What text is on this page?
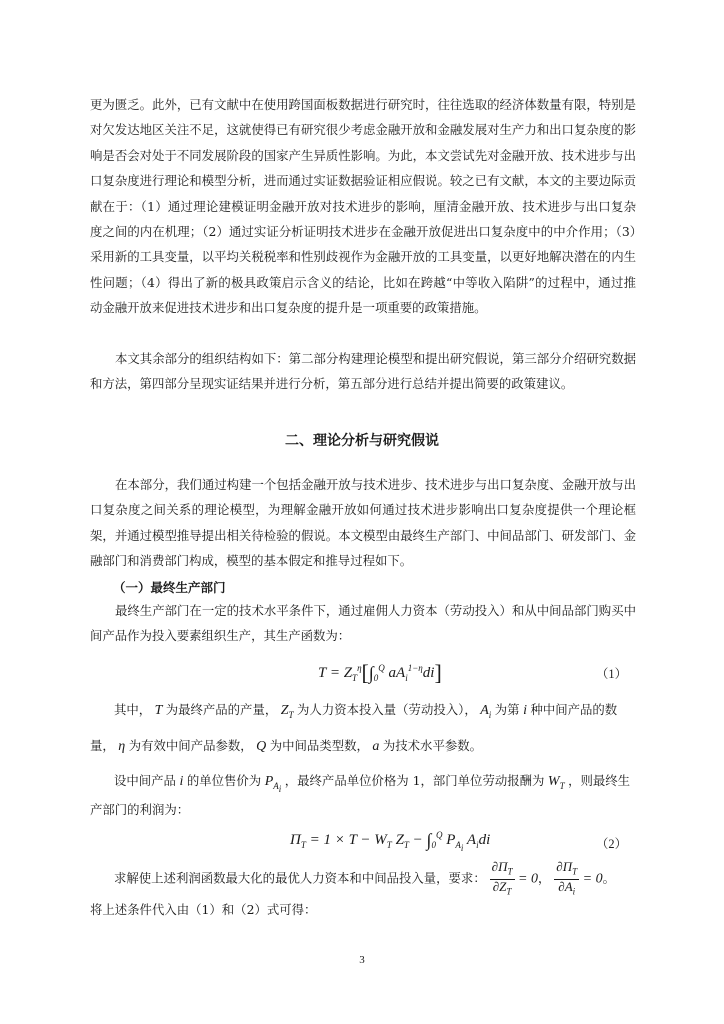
更为匮乏。此外，已有文献中在使用跨国面板数据进行研究时，往往选取的经济体数量有限，特别是对欠发达地区关注不足，这就使得已有研究很少考虑金融开放和金融发展对生产力和出口复杂度的影响是否会对处于不同发展阶段的国家产生异质性影响。为此，本文尝试先对金融开放、技术进步与出口复杂度进行理论和模型分析，进而通过实证数据验证相应假说。较之已有文献，本文的主要边际贡献在于：（1）通过理论建模证明金融开放对技术进步的影响，厘清金融开放、技术进步与出口复杂度之间的内在机理；（2）通过实证分析证明技术进步在金融开放促进出口复杂度中的中介作用；（3）采用新的工具变量，以平均关税税率和性别歧视作为金融开放的工具变量，以更好地解决潜在的内生性问题；（4）得出了新的极具政策启示含义的结论，比如在跨越“中等收入陷阱”的过程中，通过推动金融开放来促进技术进步和出口复杂度的提升是一项重要的政策措施。

本文其余部分的组织结构如下：第二部分构建理论模型和提出研究假说，第三部分介绍研究数据和方法，第四部分呈现实证结果并进行分析，第五部分进行总结并提出简要的政策建议。

二、理论分析与研究假说

在本部分，我们通过构建一个包括金融开放与技术进步、技术进步与出口复杂度、金融开放与出口复杂度之间关系的理论模型，为理解金融开放如何通过技术进步影响出口复杂度提供一个理论框架，并通过模型推导提出相关待检验的假说。本文模型由最终生产部门、中间品部门、研发部门、金融部门和消费部门构成，模型的基本假定和推导过程如下。

（一）最终生产部门

最终生产部门在一定的技术水平条件下，通过雇佣人力资本（劳动投入）和从中间品部门购买中间产品作为投入要素组织生产，其生产函数为：

$T = Z_T^\eta[\int_0^Q$ $aA_i^{1-\eta}di$]	（1）
其中， T 为最终产品的产量， $Z_T$ 为人力资本投入量（劳动投入）， $A_i$ 为第 i 种中间产品的数
量， η 为有效中间产品参数， Q 为中间品类型数， a 为技术水平参数。
设中间产品 i 的单位售价为 $P_{A_i}$ ，最终产品单位价格为 1，部门单位劳动报酬为 $W_T$ ，则最终生
产部门的利润为：
$\Pi_T = 1 \times T - W_T$ $Z_T - \int_0^Q$ $P_{A_i}$ $A_idi$	（2）
求解使上述利润函数最大化的最优人力资本和中间品投入量，要求： $\frac{\partial\Pi_T}{\partial Z_T} = 0$， $\frac{\partial\Pi_T}{\partial A_i} = 0$。
将上述条件代入由（1）和（2）式可得：
3
